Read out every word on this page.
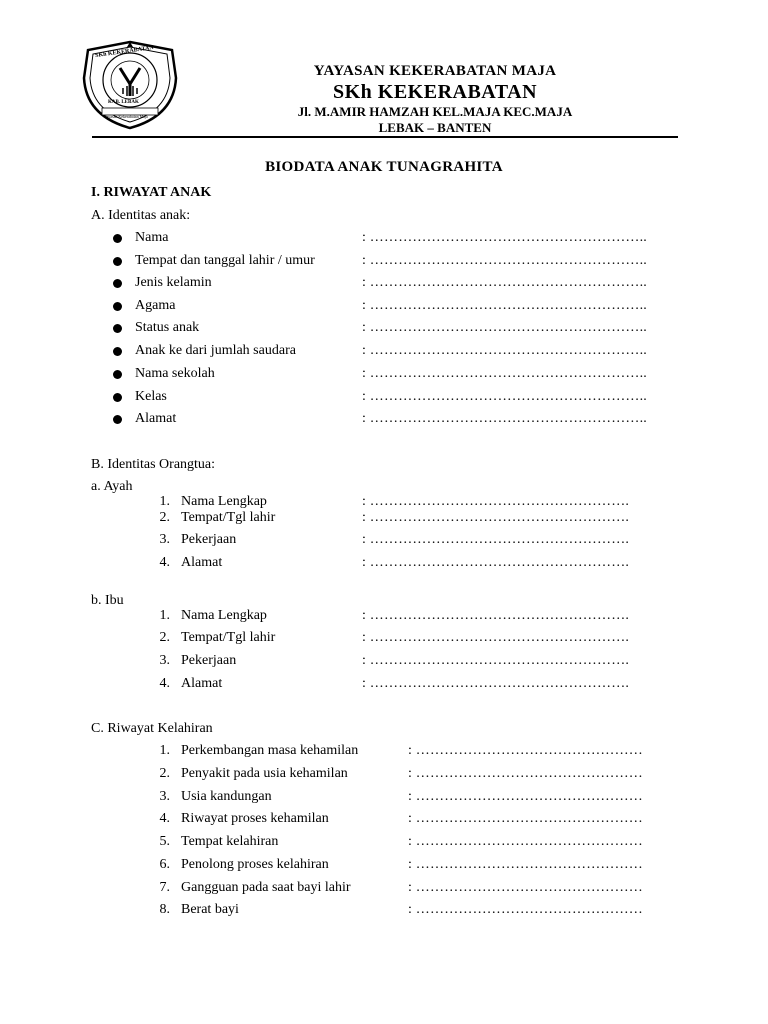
SKh KEKERABATAN
KAB. LEBAK
Yayasan Kekerabatan Maja
YAYASAN KEKERABATAN MAJA
SKh KEKERABATAN
Jl. M.AMIR HAMZAH KEL.MAJA KEC.MAJA
LEBAK – BANTEN
BIODATA ANAK TUNAGRAHITA
I. RIWAYAT ANAK
A. Identitas anak:
Nama	: …………………………………………………..
Tempat dan tanggal lahir / umur	: …………………………………………………..
Jenis kelamin	: …………………………………………………..
Agama	: …………………………………………………..
Status anak	: …………………………………………………..
Anak ke dari jumlah saudara	: …………………………………………………..
Nama sekolah	: …………………………………………………..
Kelas	: …………………………………………………..
Alamat	: …………………………………………………..
B. Identitas Orangtua:
a. Ayah
1. Nama Lengkap	: ……………………………………………….
2. Tempat/Tgl lahir	: ……………………………………………….
3. Pekerjaan	: ……………………………………………….
4. Alamat	: ……………………………………………….
b. Ibu
1. Nama Lengkap	: ……………………………………………….
2. Tempat/Tgl lahir	: ……………………………………………….
3. Pekerjaan	: ……………………………………………….
4. Alamat	: ……………………………………………….
C. Riwayat Kelahiran
1. Perkembangan masa kehamilan	: …………………………………………
2. Penyakit pada usia kehamilan	: …………………………………………
3. Usia kandungan	: …………………………………………
4. Riwayat proses kehamilan	: …………………………………………
5. Tempat kelahiran	: …………………………………………
6. Penolong proses kelahiran	: …………………………………………
7. Gangguan pada saat bayi lahir	: …………………………………………
8. Berat bayi	: …………………………………………
